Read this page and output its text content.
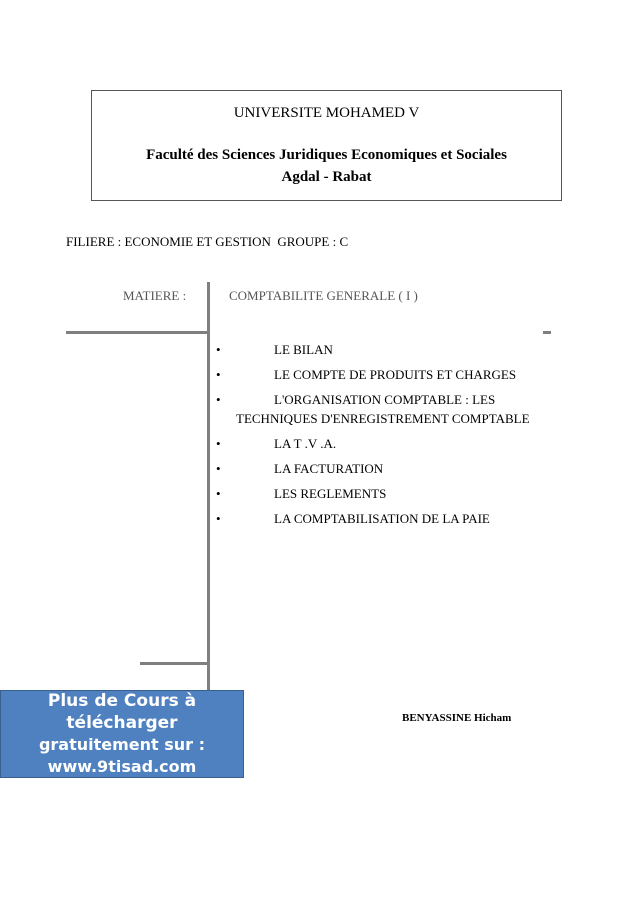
UNIVERSITE MOHAMED V
Faculté des Sciences Juridiques Economiques et Sociales
Agdal - Rabat
FILIERE : ECONOMIE ET GESTION  GROUPE : C
MATIERE :	COMPTABILITE GENERALE ( I )
•	LE BILAN
•	LE COMPTE DE PRODUITS ET CHARGES
•	L'ORGANISATION COMPTABLE : LES TECHNIQUES D'ENREGISTREMENT COMPTABLE
•	LA T .V .A.
•	LA FACTURATION
•	LES REGLEMENTS
•	LA COMPTABILISATION DE LA PAIE
BENYASSINE Hicham
Plus de Cours à télécharger
gratuitement sur :
www.9tisad.com
